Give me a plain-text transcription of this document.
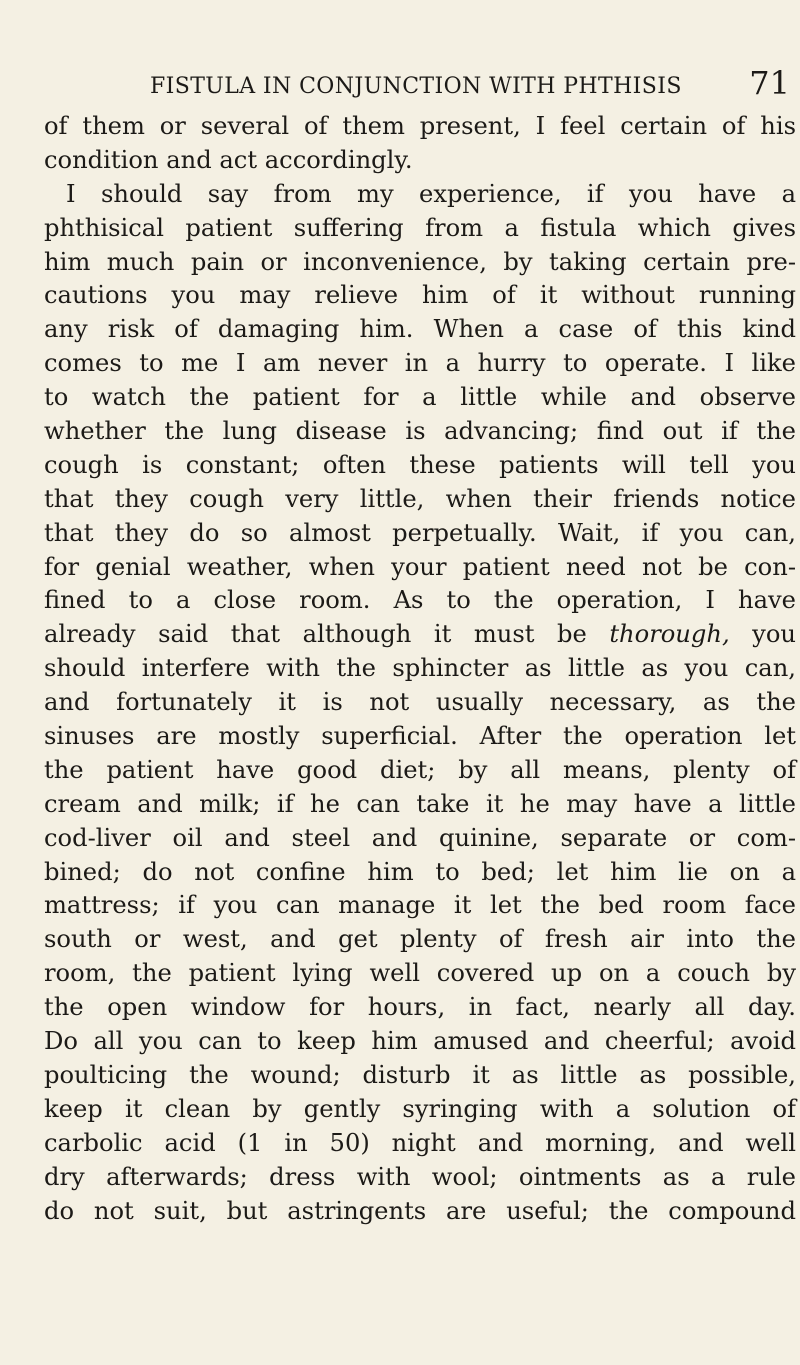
FISTULA IN CONJUNCTION WITH PHTHISIS 71
of them or several of them present, I feel certain of his
condition and act accordingly.
I should say from my experience, if you have a
phthisical patient suffering from a fistula which gives
him much pain or inconvenience, by taking certain pre-
cautions you may relieve him of it without running
any risk of damaging him. When a case of this kind
comes to me I am never in a hurry to operate. I like
to watch the patient for a little while and observe
whether the lung disease is advancing; find out if the
cough is constant; often these patients will tell you
that they cough very little, when their friends notice
that they do so almost perpetually. Wait, if you can,
for genial weather, when your patient need not be con-
fined to a close room. As to the operation, I have
already said that although it must be thorough, you
should interfere with the sphincter as little as you can,
and fortunately it is not usually necessary, as the
sinuses are mostly superficial. After the operation let
the patient have good diet; by all means, plenty of
cream and milk; if he can take it he may have a little
cod-liver oil and steel and quinine, separate or com-
bined; do not confine him to bed; let him lie on a
mattress; if you can manage it let the bed room face
south or west, and get plenty of fresh air into the
room, the patient lying well covered up on a couch by
the open window for hours, in fact, nearly all day.
Do all you can to keep him amused and cheerful; avoid
poulticing the wound; disturb it as little as possible,
keep it clean by gently syringing with a solution of
carbolic acid (1 in 50) night and morning, and well
dry afterwards; dress with wool; ointments as a rule
do not suit, but astringents are useful; the compound
